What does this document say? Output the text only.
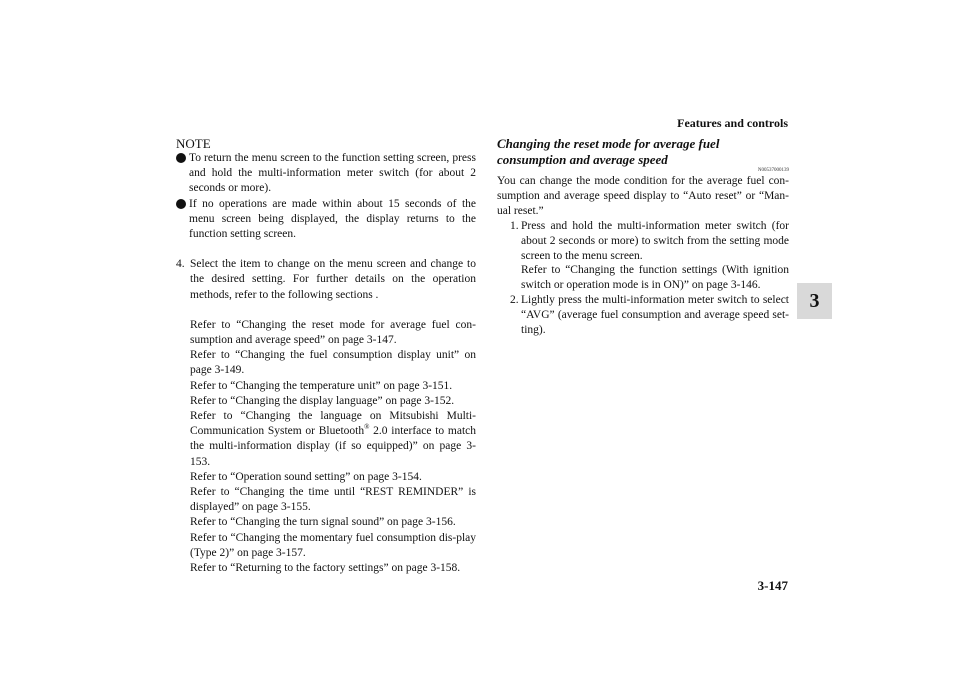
Features and controls
3
3-147
NOTE
To return the menu screen to the function setting screen, press and hold the multi-information meter switch (for about 2 seconds or more).
If no operations are made within about 15 seconds of the menu screen being displayed, the display returns to the function setting screen.
4. Select the item to change on the menu screen and change to the desired setting. For further details on the operation methods, refer to the following sections .

Refer to “Changing the reset mode for average fuel con-sumption and average speed” on page 3-147.

Refer to “Changing the fuel consumption display unit” on page 3-149.

Refer to “Changing the temperature unit” on page 3-151.

Refer to “Changing the display language” on page 3-152.

Refer to “Changing the language on Mitsubishi Multi-Communication System or Bluetooth® 2.0 interface to match the multi-information display (if so equipped)” on page 3-153.

Refer to “Operation sound setting” on page 3-154.

Refer to “Changing the time until “REST REMINDER” is displayed” on page 3-155.

Refer to “Changing the turn signal sound” on page 3-156.

Refer to “Changing the momentary fuel consumption dis-play (Type 2)” on page 3-157.

Refer to “Returning to the factory settings” on page 3-158.

Changing the reset mode for average fuel consumption and average speed
N00537000139

You can change the mode condition for the average fuel con-sumption and average speed display to “Auto reset” or “Man-ual reset.”

1. Press and hold the multi-information meter switch (for about 2 seconds or more) to switch from the setting mode screen to the menu screen.
Refer to “Changing the function settings (With ignition switch or operation mode is in ON)” on page 3-146.
2. Lightly press the multi-information meter switch to select “AVG” (average fuel consumption and average speed set-ting).
